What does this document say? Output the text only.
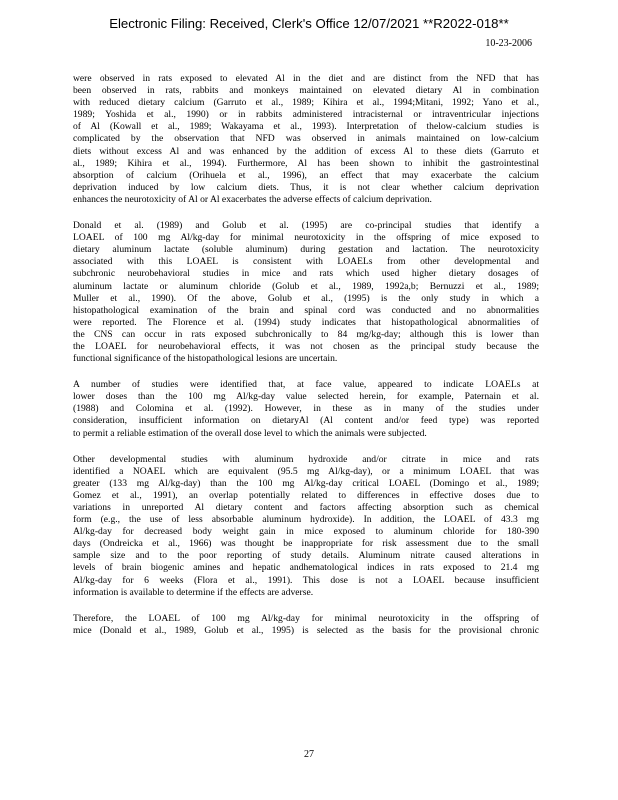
Electronic Filing: Received, Clerk's Office 12/07/2021 **R2022-018**
10-23-2006
were observed in rats exposed to elevated Al in the diet and are distinct from the NFD that has
been observed in rats, rabbits and monkeys maintained on elevated dietary Al in combination
with reduced dietary calcium (Garruto et al., 1989; Kihira et al., 1994;Mitani, 1992; Yano et al.,
1989; Yoshida et al., 1990) or in rabbits administered intracisternal or intraventricular injections
of Al (Kowall et al., 1989; Wakayama et al., 1993). Interpretation of thelow-calcium studies is
complicated by the observation that NFD was observed in animals maintained on low-calcium
diets without excess Al and was enhanced by the addition of excess Al to these diets (Garruto et
al., 1989; Kihira et al., 1994). Furthermore, Al has been shown to inhibit the gastrointestinal
absorption of calcium (Orihuela et al., 1996), an effect that may exacerbate the calcium
deprivation induced by low calcium diets. Thus, it is not clear whether calcium deprivation
enhances the neurotoxicity of Al or Al exacerbates the adverse effects of calcium deprivation.
Donald et al. (1989) and Golub et al. (1995) are co-principal studies that identify a
LOAEL of 100 mg Al/kg-day for minimal neurotoxicity in the offspring of mice exposed to
dietary aluminum lactate (soluble aluminum) during gestation and lactation. The neurotoxicity
associated with this LOAEL is consistent with LOAELs from other developmental and
subchronic neurobehavioral studies in mice and rats which used higher dietary dosages of
aluminum lactate or aluminum chloride (Golub et al., 1989, 1992a,b; Bernuzzi et al., 1989;
Muller et al., 1990). Of the above, Golub et al., (1995) is the only study in which a
histopathological examination of the brain and spinal cord was conducted and no abnormalities
were reported. The Florence et al. (1994) study indicates that histopathological abnormalities of
the CNS can occur in rats exposed subchronically to 84 mg/kg-day; although this is lower than
the LOAEL for neurobehavioral effects, it was not chosen as the principal study because the
functional significance of the histopathological lesions are uncertain.
A number of studies were identified that, at face value, appeared to indicate LOAELs at
lower doses than the 100 mg Al/kg-day value selected herein, for example, Paternain et al.
(1988) and Colomina et al. (1992). However, in these as in many of the studies under
consideration, insufficient information on dietaryAl (Al content and/or feed type) was reported
to permit a reliable estimation of the overall dose level to which the animals were subjected.
Other developmental studies with aluminum hydroxide and/or citrate in mice and rats
identified a NOAEL which are equivalent (95.5 mg Al/kg-day), or a minimum LOAEL that was
greater (133 mg Al/kg-day) than the 100 mg Al/kg-day critical LOAEL (Domingo et al., 1989;
Gomez et al., 1991), an overlap potentially related to differences in effective doses due to
variations in unreported Al dietary content and factors affecting absorption such as chemical
form (e.g., the use of less absorbable aluminum hydroxide). In addition, the LOAEL of 43.3 mg
Al/kg-day for decreased body weight gain in mice exposed to aluminum chloride for 180-390
days (Ondreicka et al., 1966) was thought be inappropriate for risk assessment due to the small
sample size and to the poor reporting of study details. Aluminum nitrate caused alterations in
levels of brain biogenic amines and hepatic andhematological indices in rats exposed to 21.4 mg
Al/kg-day for 6 weeks (Flora et al., 1991). This dose is not a LOAEL because insufficient
information is available to determine if the effects are adverse.
Therefore, the LOAEL of 100 mg Al/kg-day for minimal neurotoxicity in the offspring of
mice (Donald et al., 1989, Golub et al., 1995) is selected as the basis for the provisional chronic
27
